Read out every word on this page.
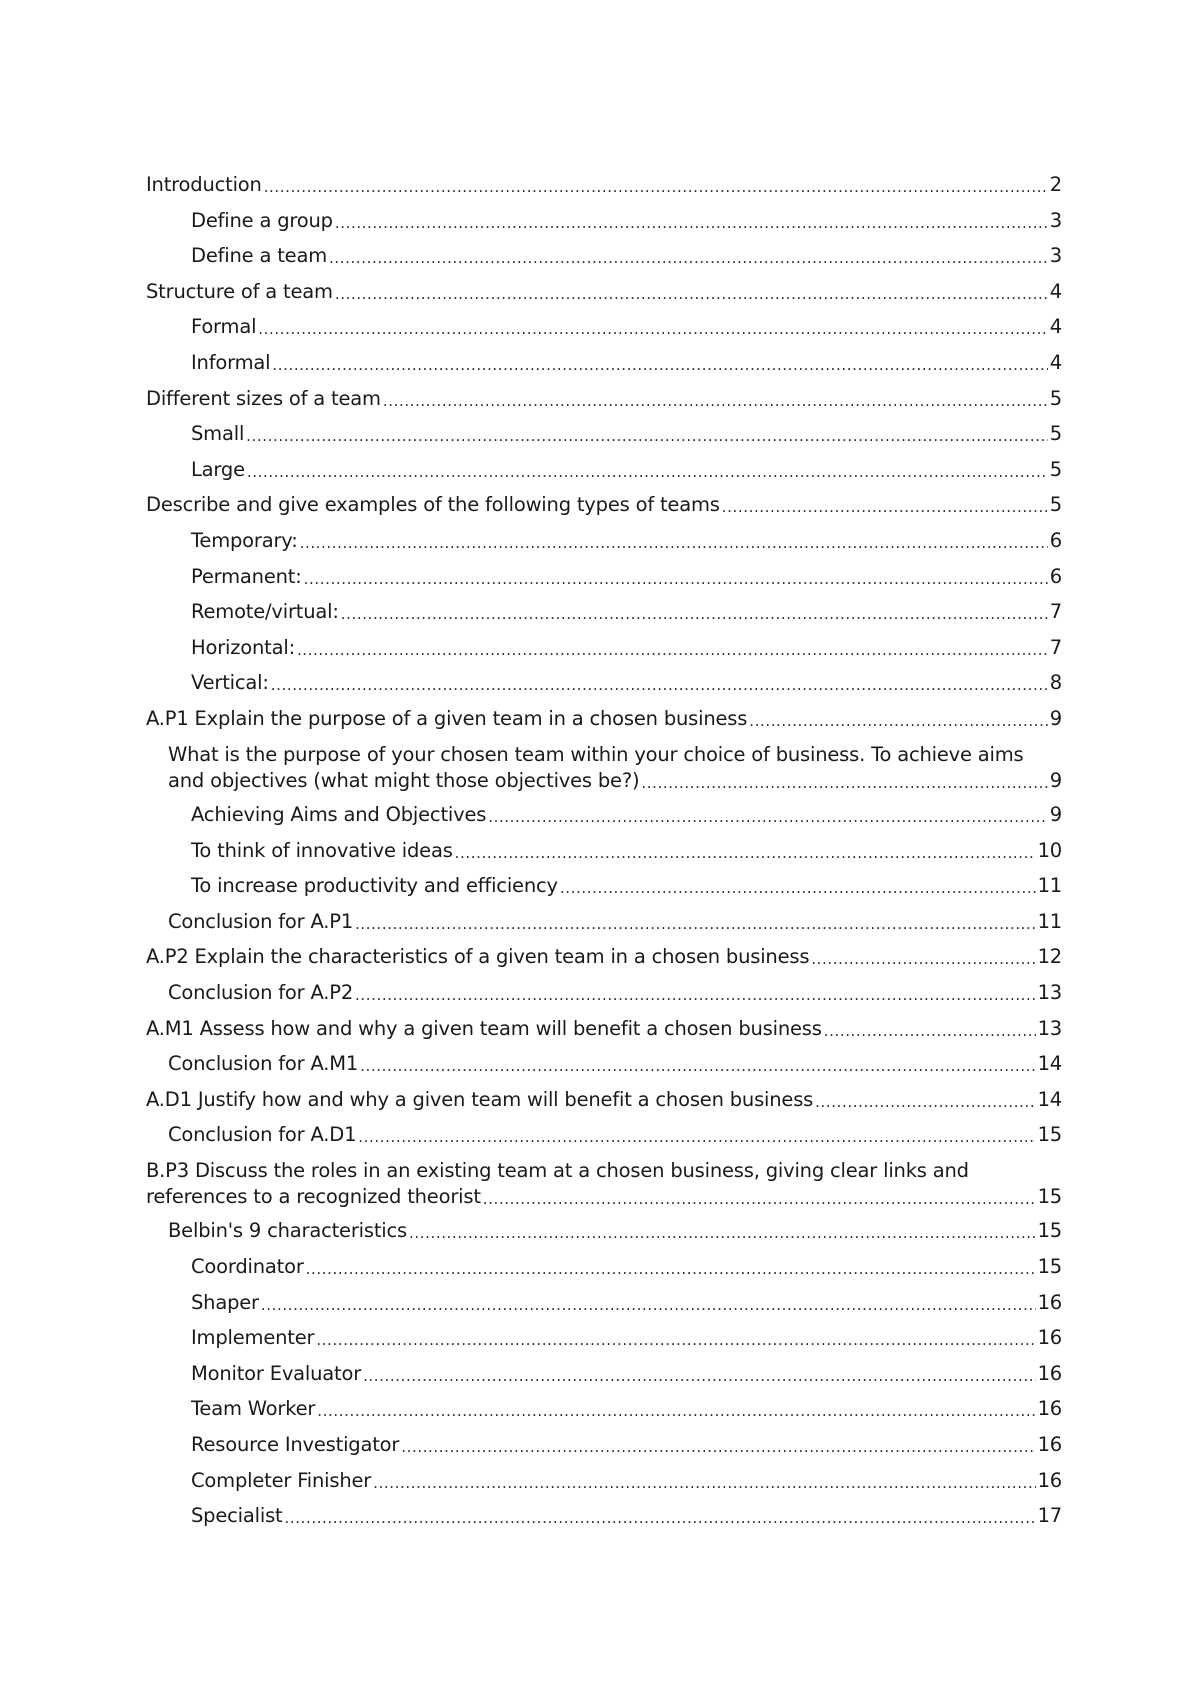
Introduction .....	2
Define a group .....	3
Define a team .....	3
Structure of a team .....	4
Formal .....	4
Informal .....	4
Different sizes of a team .....	5
Small .....	5
Large .....	5
Describe and give examples of the following types of teams .....	5
Temporary: .....	6
Permanent: .....	6
Remote/virtual: .....	7
Horizontal: .....	7
Vertical: .....	8
A.P1 Explain the purpose of a given team in a chosen business .....	9
What is the purpose of your chosen team within your choice of business. To achieve aims
and objectives (what might those objectives be?) .....	9
Achieving Aims and Objectives .....	9
To think of innovative ideas .....	10
To increase productivity and efficiency .....	11
Conclusion for A.P1 .....	11
A.P2 Explain the characteristics of a given team in a chosen business .....	12
Conclusion for A.P2 .....	13
A.M1 Assess how and why a given team will benefit a chosen business .....	13
Conclusion for A.M1 .....	14
A.D1 Justify how and why a given team will benefit a chosen business .....	14
Conclusion for A.D1 .....	15
B.P3 Discuss the roles in an existing team at a chosen business, giving clear links and
references to a recognized theorist .....	15
Belbin's 9 characteristics .....	15
Coordinator .....	15
Shaper .....	16
Implementer .....	16
Monitor Evaluator .....	16
Team Worker .....	16
Resource Investigator .....	16
Completer Finisher .....	16
Specialist .....	17
